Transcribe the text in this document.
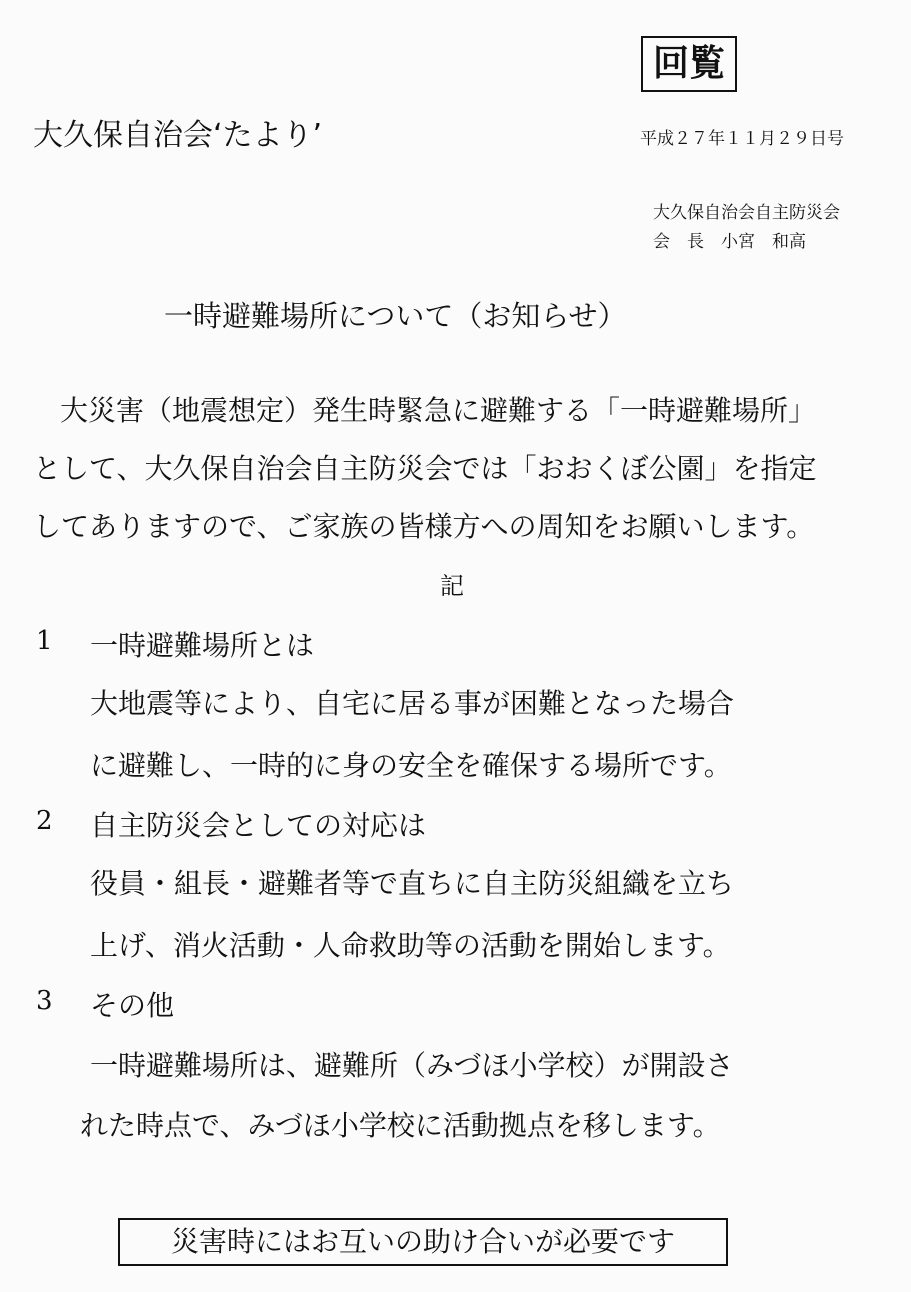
回覧
大久保自治会‘たより’	平成２７年１１月２９日号
大久保自治会自主防災会
会　長　小宮　和高
一時避難場所について（お知らせ）
大災害（地震想定）発生時緊急に避難する「一時避難場所」
として、大久保自治会自主防災会では「おおくぼ公園」を指定
してありますので、ご家族の皆様方への周知をお願いします。
記
1 一時避難場所とは
大地震等により、自宅に居る事が困難となった場合
に避難し、一時的に身の安全を確保する場所です。
2 自主防災会としての対応は
役員・組長・避難者等で直ちに自主防災組織を立ち
上げ、消火活動・人命救助等の活動を開始します。
3 その他
一時避難場所は、避難所（みづほ小学校）が開設さ
れた時点で、みづほ小学校に活動拠点を移します。
災害時にはお互いの助け合いが必要です
